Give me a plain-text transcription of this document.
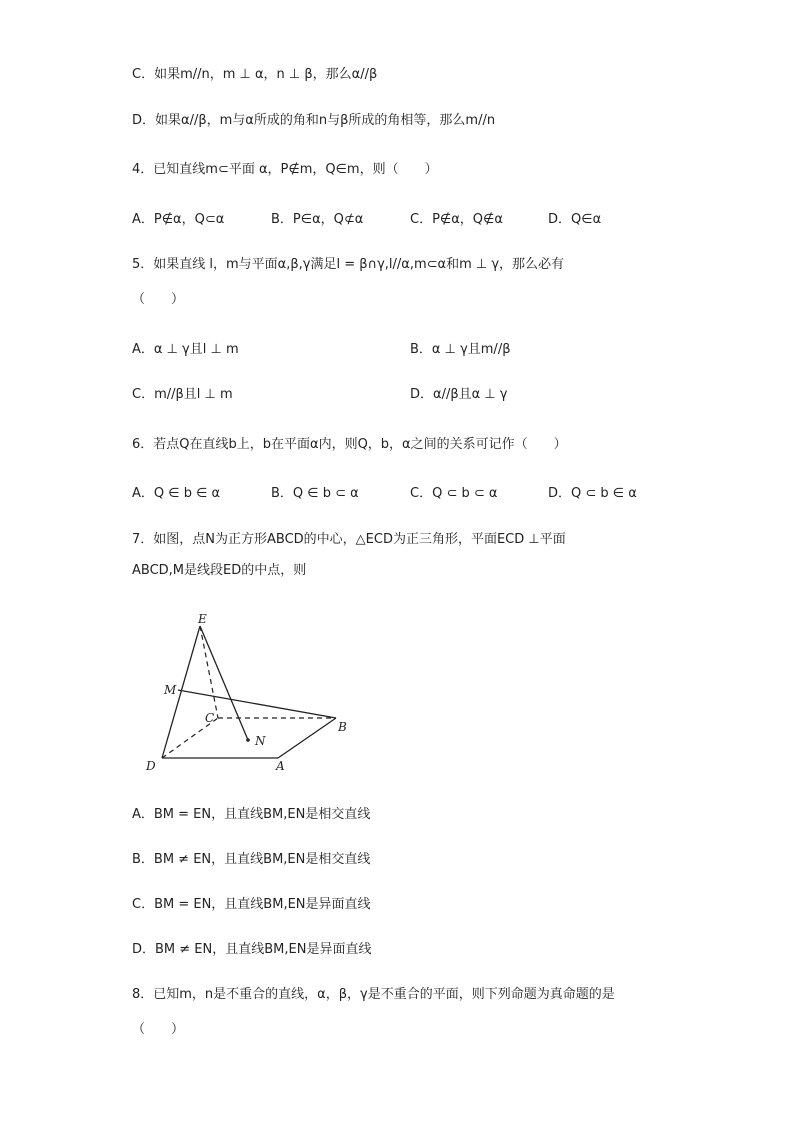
C．如果m//n，m ⊥ α，n ⊥ β，那么α//β
D．如果α//β，m与α所成的角和n与β所成的角相等，那么m//n
4．已知直线m⊂平面 α，P∉m，Q∈m，则（　　）
A．P∉α，Q⊂α	B．P∈α，Q⊄α	C．P∉α，Q∉α	D．Q∈α
5．如果直线 l，m与平面α,β,γ满足l = β∩γ,l//α,m⊂α和m ⊥ γ，那么必有
（　　）
A．α ⊥ γ且l ⊥ m	B．α ⊥ γ且m//β
C．m//β且l ⊥ m	D．α//β且α ⊥ γ
6．若点Q在直线b上，b在平面α内，则Q，b，α之间的关系可记作（　　）
A．Q ∈ b ∈ α	B．Q ∈ b ⊂ α	C．Q ⊂ b ⊂ α	D．Q ⊂ b ∈ α
7．如图，点N为正方形ABCD的中心，△ECD为正三角形，平面ECD ⊥平面
ABCD,M是线段ED的中点，则
E
M
C
N
B
D	A
A．BM = EN，且直线BM,EN是相交直线
B．BM ≠ EN，且直线BM,EN是相交直线
C．BM = EN，且直线BM,EN是异面直线
D．BM ≠ EN，且直线BM,EN是异面直线
8．已知m，n是不重合的直线，α，β，γ是不重合的平面，则下列命题为真命题的是
（　　）
